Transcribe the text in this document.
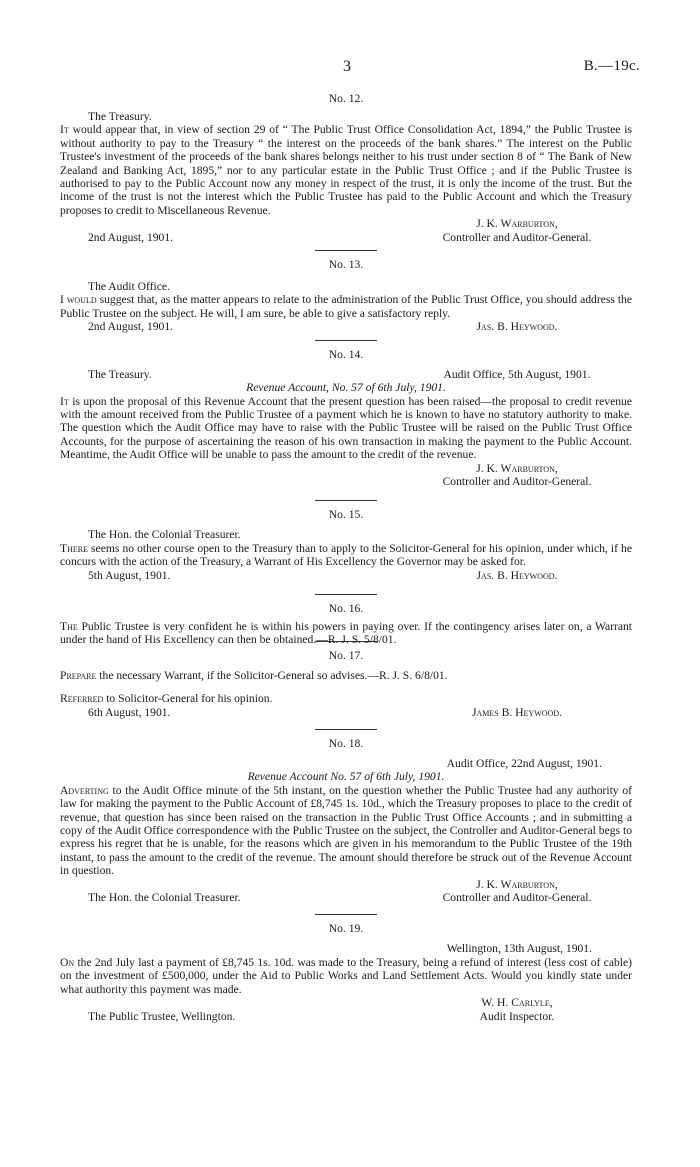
3	B.—19c.

No. 12.

The Treasury.

It would appear that, in view of section 29 of “ The Public Trust Office Consolidation Act, 1894,” the Public Trustee is without authority to pay to the Treasury “ the interest on the proceeds of the bank shares.” The interest on the Public Trustee's investment of the proceeds of the bank shares belongs neither to his trust under section 8 of “ The Bank of New Zealand and Banking Act, 1895,” nor to any particular estate in the Public Trust Office ; and if the Public Trustee is authorised to pay to the Public Account now any money in respect of the trust, it is only the income of the trust. But the income of the trust is not the interest which the Public Trustee has paid to the Public Account and which the Treasury proposes to credit to Miscellaneous Revenue.

J. K. Warburton,
2nd August, 1901.	Controller and Auditor-General.

No. 13.

The Audit Office.

I would suggest that, as the matter appears to relate to the administration of the Public Trust Office, you should address the Public Trustee on the subject. He will, I am sure, be able to give a satisfactory reply.

2nd August, 1901.	Jas. B. Heywood.

No. 14.

The Treasury.	Audit Office, 5th August, 1901.

Revenue Account, No. 57 of 6th July, 1901.

It is upon the proposal of this Revenue Account that the present question has been raised—the proposal to credit revenue with the amount received from the Public Trustee of a payment which he is known to have no statutory authority to make. The question which the Audit Office may have to raise with the Public Trustee will be raised on the Public Trust Office Accounts, for the purpose of ascertaining the reason of his own transaction in making the payment to the Public Account. Meantime, the Audit Office will be unable to pass the amount to the credit of the revenue.

J. K. Warburton,
Controller and Auditor-General.

No. 15.

The Hon. the Colonial Treasurer.

There seems no other course open to the Treasury than to apply to the Solicitor-General for his opinion, under which, if he concurs with the action of the Treasury, a Warrant of His Excellency the Governor may be asked for.

5th August, 1901.	Jas. B. Heywood.

No. 16.

The Public Trustee is very confident he is within his powers in paying over. If the contingency arises later on, a Warrant under the hand of His Excellency can then be obtained.—R. J. S. 5/8/01.

No. 17.

Prepare the necessary Warrant, if the Solicitor-General so advises.—R. J. S. 6/8/01.

Referred to Solicitor-General for his opinion.

6th August, 1901.	James B. Heywood.

No. 18.

Audit Office, 22nd August, 1901.

Revenue Account No. 57 of 6th July, 1901.

Adverting to the Audit Office minute of the 5th instant, on the question whether the Public Trustee had any authority of law for making the payment to the Public Account of £8,745 1s. 10d., which the Treasury proposes to place to the credit of revenue, that question has since been raised on the transaction in the Public Trust Office Accounts ; and in submitting a copy of the Audit Office correspondence with the Public Trustee on the subject, the Controller and Auditor-General begs to express his regret that he is unable, for the reasons which are given in his memorandum to the Public Trustee of the 19th instant, to pass the amount to the credit of the revenue. The amount should therefore be struck out of the Revenue Account in question.

J. K. Warburton,
The Hon. the Colonial Treasurer.	Controller and Auditor-General.

No. 19.

Wellington, 13th August, 1901.

On the 2nd July last a payment of £8,745 1s. 10d. was made to the Treasury, being a refund of interest (less cost of cable) on the investment of £500,000, under the Aid to Public Works and Land Settlement Acts. Would you kindly state under what authority this payment was made.

W. H. Carlyle,
The Public Trustee, Wellington.	Audit Inspector.
